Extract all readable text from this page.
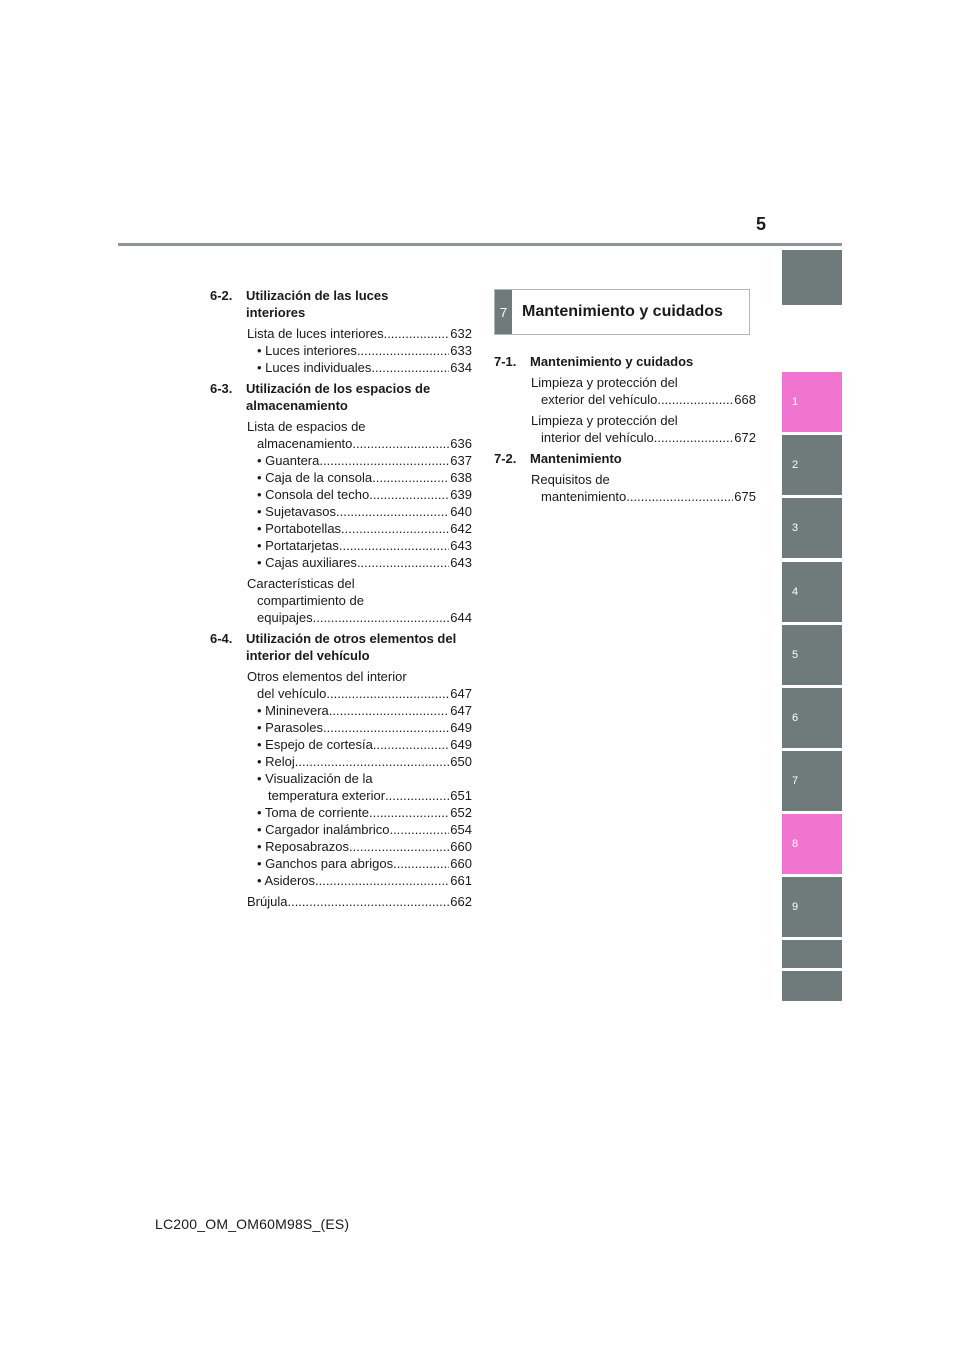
5
6-2.	Utilización de las luces
interiores
Lista de luces interiores .....	632
• Luces interiores .....	633
• Luces individuales .....	634
6-3.	Utilización de los espacios de
almacenamiento
Lista de espacios de
almacenamiento .....	636
• Guantera .....	637
• Caja de la consola .....	638
• Consola del techo .....	639
• Sujetavasos .....	640
• Portabotellas .....	642
• Portatarjetas .....	643
• Cajas auxiliares .....	643
Características del
compartimiento de
equipajes .....	644
6-4.	Utilización de otros elementos del
interior del vehículo
Otros elementos del interior
del vehículo .....	647
• Mininevera .....	647
• Parasoles .....	649
• Espejo de cortesía .....	649
• Reloj .....	650
• Visualización de la
temperatura exterior .....	651
• Toma de corriente .....	652
• Cargador inalámbrico .....	654
• Reposabrazos .....	660
• Ganchos para abrigos .....	660
• Asideros .....	661
Brújula .....	662
7 Mantenimiento y cuidados
7-1.	Mantenimiento y cuidados
Limpieza y protección del
exterior del vehículo .....	668
Limpieza y protección del
interior del vehículo .....	672
7-2.	Mantenimiento
Requisitos de
mantenimiento .....	675
1
2
3
4
5
6
7
8
9
LC200_OM_OM60M98S_(ES)
